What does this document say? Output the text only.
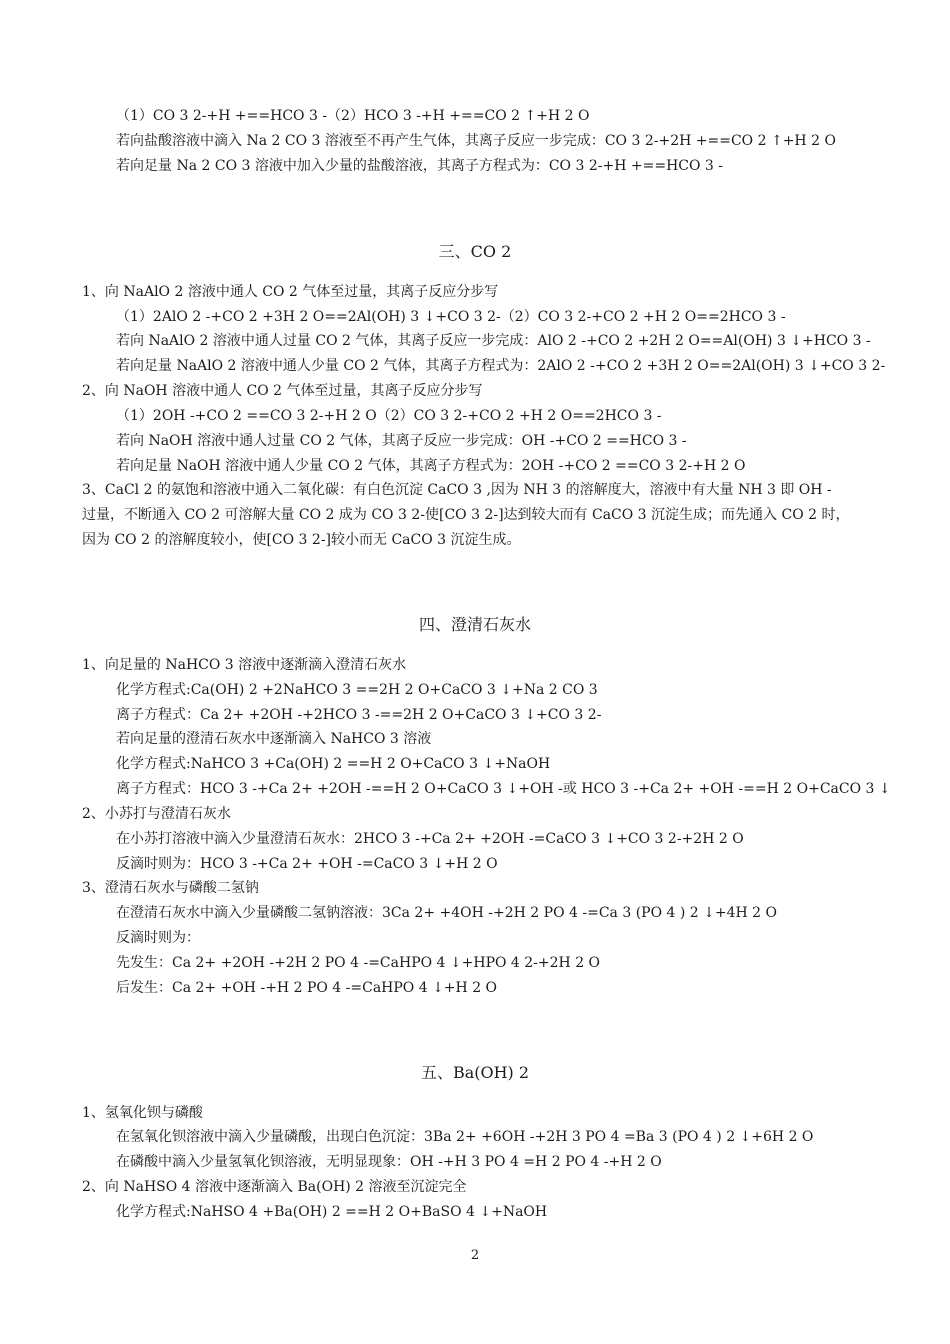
（1）CO 3 2-+H +==HCO 3 -（2）HCO 3 -+H +==CO 2 ↑+H 2 O
若向盐酸溶液中滴入 Na 2 CO 3 溶液至不再产生气体，其离子反应一步完成：CO 3 2-+2H +==CO 2 ↑+H 2 O
若向足量 Na 2 CO 3 溶液中加入少量的盐酸溶液，其离子方程式为：CO 3 2-+H +==HCO 3 -
三、CO 2
1、向 NaAlO 2 溶液中通人 CO 2 气体至过量，其离子反应分步写
（1）2AlO 2 -+CO 2 +3H 2 O==2Al(OH) 3 ↓+CO 3 2-（2）CO 3 2-+CO 2 +H 2 O==2HCO 3 -
若向 NaAlO 2 溶液中通人过量 CO 2 气体，其离子反应一步完成：AlO 2 -+CO 2 +2H 2 O==Al(OH) 3 ↓+HCO 3 -
若向足量 NaAlO 2 溶液中通人少量 CO 2 气体，其离子方程式为：2AlO 2 -+CO 2 +3H 2 O==2Al(OH) 3 ↓+CO 3 2-
2、向 NaOH 溶液中通人 CO 2 气体至过量，其离子反应分步写
（1）2OH -+CO 2 ==CO 3 2-+H 2 O（2）CO 3 2-+CO 2 +H 2 O==2HCO 3 -
若向 NaOH 溶液中通人过量 CO 2 气体，其离子反应一步完成：OH -+CO 2 ==HCO 3 -
若向足量 NaOH 溶液中通人少量 CO 2 气体，其离子方程式为：2OH -+CO 2 ==CO 3 2-+H 2 O
3、CaCl 2 的氨饱和溶液中通入二氧化碳：有白色沉淀 CaCO 3 ,因为 NH 3 的溶解度大，溶液中有大量 NH 3 即 OH -
过量，不断通入 CO 2 可溶解大量 CO 2 成为 CO 3 2-使[CO 3 2-]达到较大而有 CaCO 3 沉淀生成；而先通入 CO 2 时，
因为 CO 2 的溶解度较小，使[CO 3 2-]较小而无 CaCO 3 沉淀生成。
四、澄清石灰水
1、向足量的 NaHCO 3 溶液中逐渐滴入澄清石灰水
化学方程式:Ca(OH) 2 +2NaHCO 3 ==2H 2 O+CaCO 3 ↓+Na 2 CO 3
离子方程式：Ca 2+ +2OH -+2HCO 3 -==2H 2 O+CaCO 3 ↓+CO 3 2-
若向足量的澄清石灰水中逐渐滴入 NaHCO 3 溶液
化学方程式:NaHCO 3 +Ca(OH) 2 ==H 2 O+CaCO 3 ↓+NaOH
离子方程式：HCO 3 -+Ca 2+ +2OH -==H 2 O+CaCO 3 ↓+OH -或 HCO 3 -+Ca 2+ +OH -==H 2 O+CaCO 3 ↓
2、小苏打与澄清石灰水
在小苏打溶液中滴入少量澄清石灰水：2HCO 3 -+Ca 2+ +2OH -=CaCO 3 ↓+CO 3 2-+2H 2 O
反滴时则为：HCO 3 -+Ca 2+ +OH -=CaCO 3 ↓+H 2 O
3、澄清石灰水与磷酸二氢钠
在澄清石灰水中滴入少量磷酸二氢钠溶液：3Ca 2+ +4OH -+2H 2 PO 4 -=Ca 3 (PO 4 ) 2 ↓+4H 2 O
反滴时则为：
先发生：Ca 2+ +2OH -+2H 2 PO 4 -=CaHPO 4 ↓+HPO 4 2-+2H 2 O
后发生：Ca 2+ +OH -+H 2 PO 4 -=CaHPO 4 ↓+H 2 O
五、Ba(OH) 2
1、氢氧化钡与磷酸
在氢氧化钡溶液中滴入少量磷酸，出现白色沉淀：3Ba 2+ +6OH -+2H 3 PO 4 =Ba 3 (PO 4 ) 2 ↓+6H 2 O
在磷酸中滴入少量氢氧化钡溶液，无明显现象：OH -+H 3 PO 4 =H 2 PO 4 -+H 2 O
2、向 NaHSO 4 溶液中逐渐滴入 Ba(OH) 2 溶液至沉淀完全
化学方程式:NaHSO 4 +Ba(OH) 2 ==H 2 O+BaSO 4 ↓+NaOH
2
